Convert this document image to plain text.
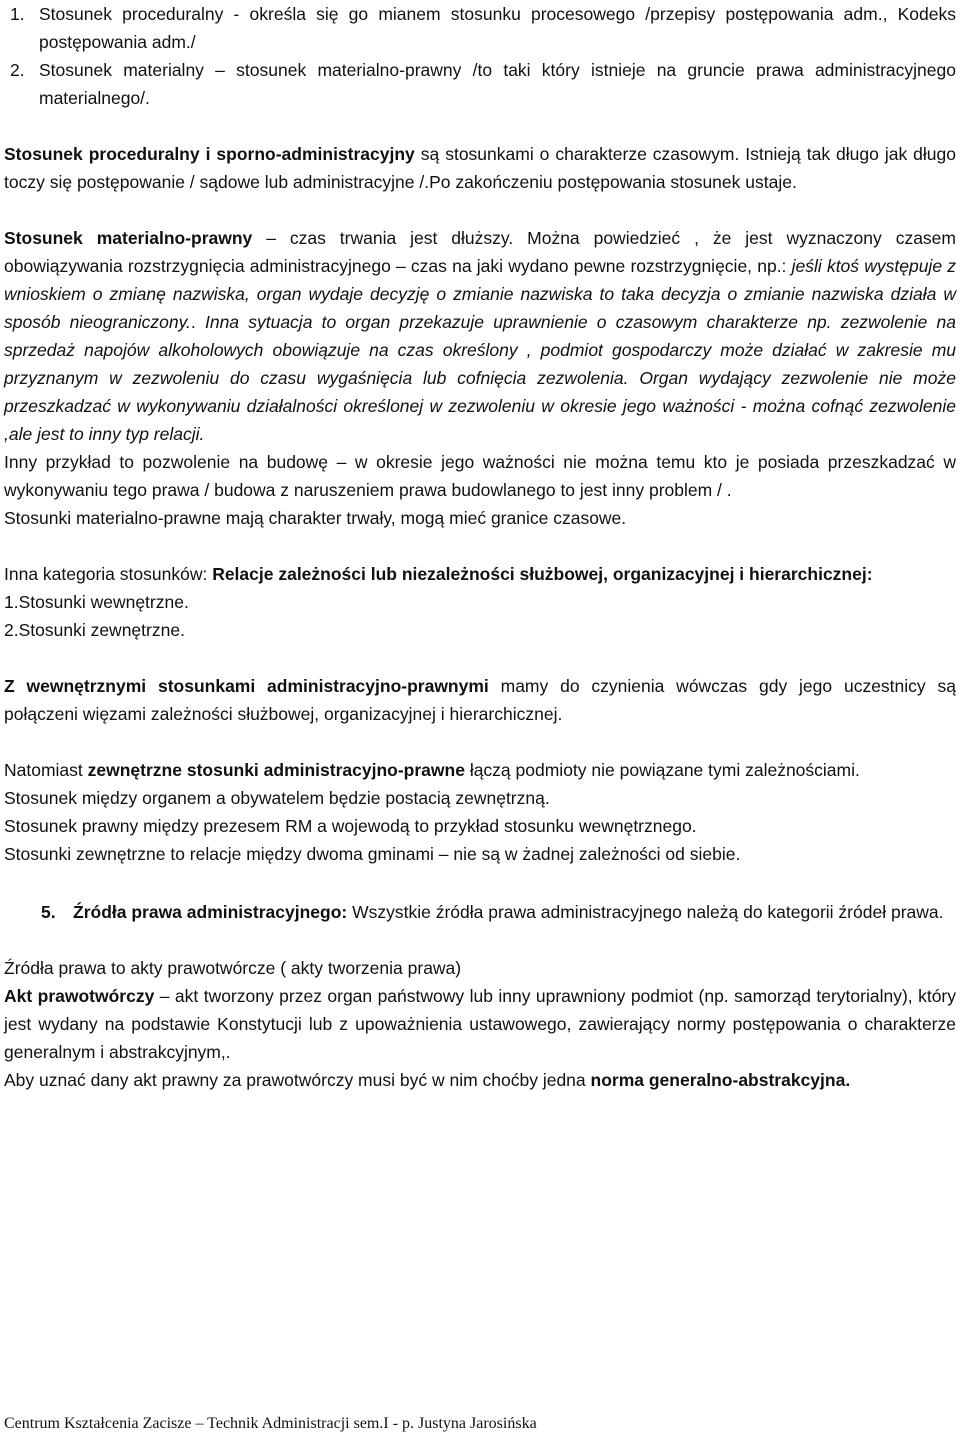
1. Stosunek proceduralny - określa się go mianem stosunku procesowego /przepisy postępowania adm., Kodeks postępowania adm./
2. Stosunek materialny – stosunek materialno-prawny /to taki który istnieje na gruncie prawa administracyjnego materialnego/.

Stosunek proceduralny i sporno-administracyjny są stosunkami o charakterze czasowym. Istnieją tak długo jak długo toczy się postępowanie / sądowe lub administracyjne /.Po zakończeniu postępowania stosunek ustaje.

Stosunek materialno-prawny – czas trwania jest dłuższy. Można powiedzieć , że jest wyznaczony czasem obowiązywania rozstrzygnięcia administracyjnego – czas na jaki wydano pewne rozstrzygnięcie, np.: jeśli ktoś występuje z wnioskiem o zmianę nazwiska, organ wydaje decyzję o zmianie nazwiska to taka decyzja o zmianie nazwiska działa w sposób nieograniczony.. Inna sytuacja to organ przekazuje uprawnienie o czasowym charakterze np. zezwolenie na sprzedaż napojów alkoholowych obowiązuje na czas określony , podmiot gospodarczy może działać w zakresie mu przyznanym w zezwoleniu do czasu wygaśnięcia lub cofnięcia zezwolenia. Organ wydający zezwolenie nie może przeszkadzać w wykonywaniu działalności określonej w zezwoleniu w okresie jego ważności - można cofnąć zezwolenie ,ale jest to inny typ relacji.

Inny przykład to pozwolenie na budowę – w okresie jego ważności nie można temu kto je posiada przeszkadzać w wykonywaniu tego prawa / budowa z naruszeniem prawa budowlanego to jest inny problem / .

Stosunki materialno-prawne mają charakter trwały, mogą mieć granice czasowe.

Inna kategoria stosunków: Relacje zależności lub niezależności służbowej, organizacyjnej i hierarchicznej:

1.Stosunki wewnętrzne.

2.Stosunki zewnętrzne.

Z wewnętrznymi stosunkami administracyjno-prawnymi mamy do czynienia wówczas gdy jego uczestnicy są połączeni więzami zależności służbowej, organizacyjnej i hierarchicznej.

Natomiast zewnętrzne stosunki administracyjno-prawne łączą podmioty nie powiązane tymi zależnościami.

Stosunek między organem a obywatelem będzie postacią zewnętrzną.

Stosunek prawny między prezesem RM a wojewodą to przykład stosunku wewnętrznego.

Stosunki zewnętrzne to relacje między dwoma gminami – nie są w żadnej zależności od siebie.

5. Źródła prawa administracyjnego: Wszystkie źródła prawa administracyjnego należą do kategorii źródeł prawa.

Źródła prawa to akty prawotwórcze ( akty tworzenia prawa)

Akt prawotwórczy – akt tworzony przez organ państwowy lub inny uprawniony podmiot (np. samorząd terytorialny), który jest wydany na podstawie Konstytucji lub z upoważnienia ustawowego, zawierający normy postępowania o charakterze generalnym i abstrakcyjnym,.

Aby uznać dany akt prawny za prawotwórczy musi być w nim choćby jedna norma generalno-abstrakcyjna.

Centrum Kształcenia Zacisze – Technik Administracji sem.I - p. Justyna Jarosińska
